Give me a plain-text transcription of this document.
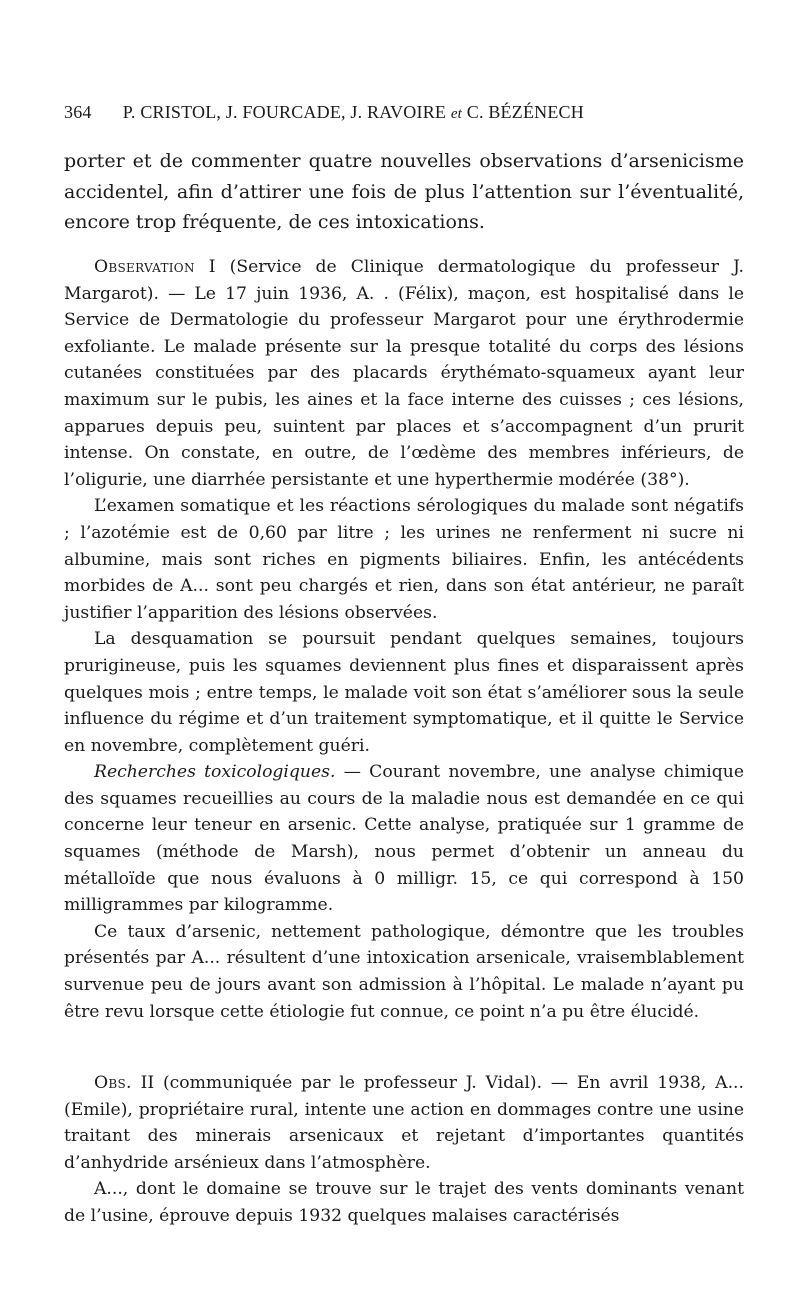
364 P. CRISTOL, J. FOURCADE, J. RAVOIRE et C. BÉZÉNECH

porter et de commenter quatre nouvelles observations d’arsenicisme accidentel, afin d’attirer une fois de plus l’attention sur l’éventualité, encore trop fréquente, de ces intoxications.

Observation I (Service de Clinique dermatologique du professeur J. Margarot). — Le 17 juin 1936, A. . (Félix), maçon, est hospitalisé dans le Service de Dermatologie du professeur Margarot pour une érythrodermie exfoliante. Le malade présente sur la presque totalité du corps des lésions cutanées constituées par des placards érythémato-squameux ayant leur maximum sur le pubis, les aines et la face interne des cuisses ; ces lésions, apparues depuis peu, suintent par places et s’accompagnent d’un prurit intense. On constate, en outre, de l’œdème des membres inférieurs, de l’oligurie, une diarrhée persistante et une hyperthermie modérée (38°).

L’examen somatique et les réactions sérologiques du malade sont négatifs ; l’azotémie est de 0,60 par litre ; les urines ne renferment ni sucre ni albumine, mais sont riches en pigments biliaires. Enfin, les antécédents morbides de A... sont peu chargés et rien, dans son état antérieur, ne paraît justifier l’apparition des lésions observées.

La desquamation se poursuit pendant quelques semaines, toujours prurigineuse, puis les squames deviennent plus fines et disparaissent après quelques mois ; entre temps, le malade voit son état s’améliorer sous la seule influence du régime et d’un traitement symptomatique, et il quitte le Service en novembre, complètement guéri.

Recherches toxicologiques. — Courant novembre, une analyse chimique des squames recueillies au cours de la maladie nous est demandée en ce qui concerne leur teneur en arsenic. Cette analyse, pratiquée sur 1 gramme de squames (méthode de Marsh), nous permet d’obtenir un anneau du métalloïde que nous évaluons à 0 milligr. 15, ce qui correspond à 150 milligrammes par kilogramme.

Ce taux d’arsenic, nettement pathologique, démontre que les troubles présentés par A... résultent d’une intoxication arsenicale, vraisemblablement survenue peu de jours avant son admission à l’hôpital. Le malade n’ayant pu être revu lorsque cette étiologie fut connue, ce point n’a pu être élucidé.

Obs. II (communiquée par le professeur J. Vidal). — En avril 1938, A... (Emile), propriétaire rural, intente une action en dommages contre une usine traitant des minerais arsenicaux et rejetant d’importantes quantités d’anhydride arsénieux dans l’atmosphère.

A..., dont le domaine se trouve sur le trajet des vents dominants venant de l’usine, éprouve depuis 1932 quelques malaises caractérisés
